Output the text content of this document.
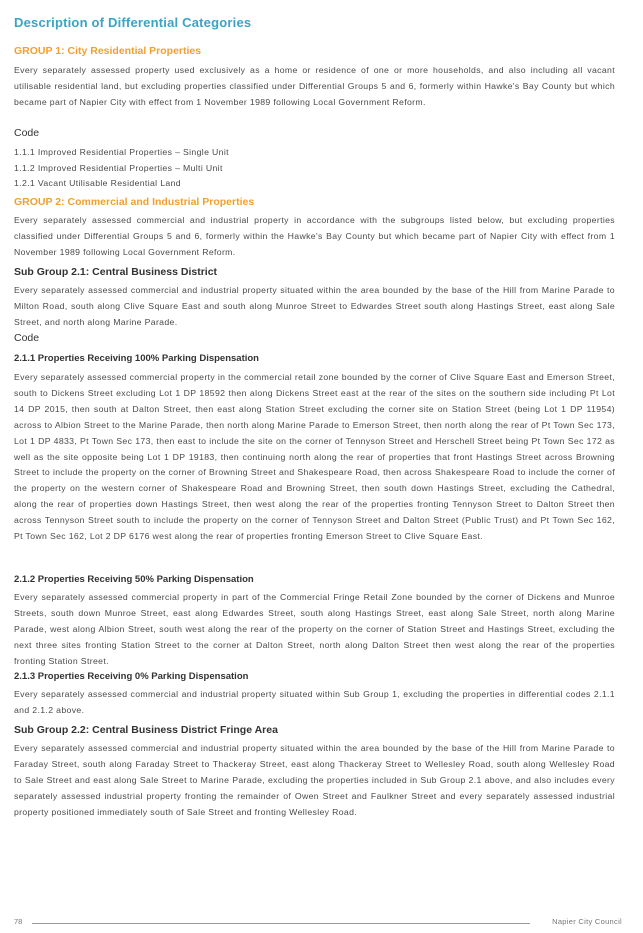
Description of Differential Categories
GROUP 1: City Residential Properties

Every separately assessed property used exclusively as a home or residence of one or more households, and also including all vacant utilisable residential land, but excluding properties classified under Differential Groups 5 and 6, formerly within Hawke's Bay County but which became part of Napier City with effect from 1 November 1989 following Local Government Reform.

Code
1.1.1 Improved Residential Properties – Single Unit
1.1.2 Improved Residential Properties – Multi Unit
1.2.1 Vacant Utilisable Residential Land
GROUP 2: Commercial and Industrial Properties

Every separately assessed commercial and industrial property in accordance with the subgroups listed below, but excluding properties classified under Differential Groups 5 and 6, formerly within the Hawke's Bay County but which became part of Napier City with effect from 1 November 1989 following Local Government Reform.

Sub Group 2.1: Central Business District

Every separately assessed commercial and industrial property situated within the area bounded by the base of the Hill from Marine Parade to Milton Road, south along Clive Square East and south along Munroe Street to Edwardes Street south along Hastings Street, east along Sale Street, and north along Marine Parade.

Code
2.1.1 Properties Receiving 100% Parking Dispensation

Every separately assessed commercial property in the commercial retail zone bounded by the corner of Clive Square East and Emerson Street, south to Dickens Street excluding Lot 1 DP 18592 then along Dickens Street east at the rear of the sites on the southern side including Pt Lot 14 DP 2015, then south at Dalton Street, then east along Station Street excluding the corner site on Station Street (being Lot 1 DP 11954) across to Albion Street to the Marine Parade, then north along Marine Parade to Emerson Street, then north along the rear of Pt Town Sec 173, Lot 1 DP 4833, Pt Town Sec 173, then east to include the site on the corner of Tennyson Street and Herschell Street being Pt Town Sec 172 as well as the site opposite being Lot 1 DP 19183, then continuing north along the rear of properties that front Hastings Street across Browning Street to include the property on the corner of Browning Street and Shakespeare Road, then across Shakespeare Road to include the corner of the property on the western corner of Shakespeare Road and Browning Street, then south down Hastings Street, excluding the Cathedral, along the rear of properties down Hastings Street, then west along the rear of the properties fronting Tennyson Street to Dalton Street then across Tennyson Street south to include the property on the corner of Tennyson Street and Dalton Street (Public Trust) and Pt Town Sec 162, Pt Town Sec 162, Lot 2 DP 6176 west along the rear of properties fronting Emerson Street to Clive Square East.

2.1.2 Properties Receiving 50% Parking Dispensation

Every separately assessed commercial property in part of the Commercial Fringe Retail Zone bounded by the corner of Dickens and Munroe Streets, south down Munroe Street, east along Edwardes Street, south along Hastings Street, east along Sale Street, north along Marine Parade, west along Albion Street, south west along the rear of the property on the corner of Station Street and Hastings Street, excluding the next three sites fronting Station Street to the corner at Dalton Street, north along Dalton Street then west along the rear of the properties fronting Station Street.

2.1.3 Properties Receiving 0% Parking Dispensation

Every separately assessed commercial and industrial property situated within Sub Group 1, excluding the properties in differential codes 2.1.1 and 2.1.2 above.

Sub Group 2.2: Central Business District Fringe Area

Every separately assessed commercial and industrial property situated within the area bounded by the base of the Hill from Marine Parade to Faraday Street, south along Faraday Street to Thackeray Street, east along Thackeray Street to Wellesley Road, south along Wellesley Road to Sale Street and east along Sale Street to Marine Parade, excluding the properties included in Sub Group 2.1 above, and also includes every separately assessed industrial property fronting the remainder of Owen Street and Faulkner Street and every separately assessed industrial property positioned immediately south of Sale Street and fronting Wellesley Road.

78	Napier City Council
